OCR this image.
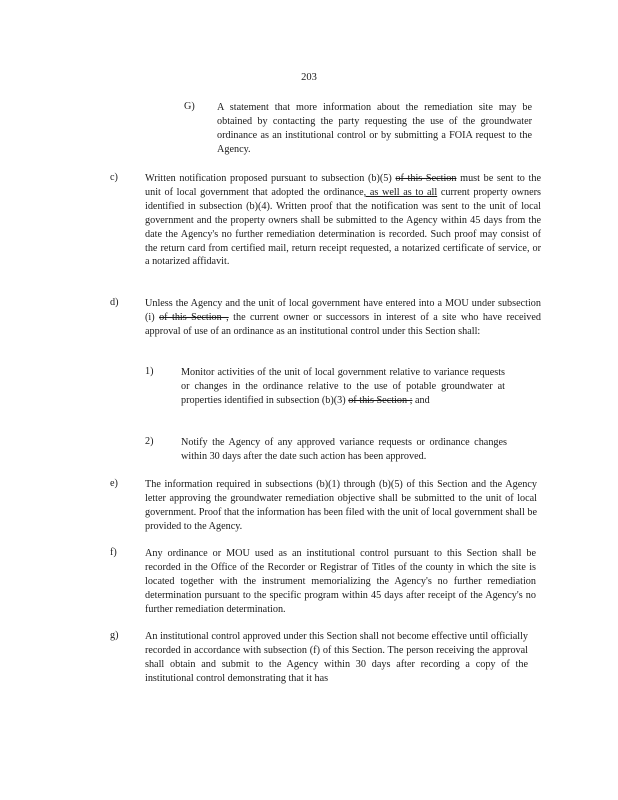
203
G) A statement that more information about the remediation site may be obtained by contacting the party requesting the use of the groundwater ordinance as an institutional control or by submitting a FOIA request to the Agency.
c)	Written notification proposed pursuant to subsection (b)(5) of this Section must be sent to the unit of local government that adopted the ordinance, as well as to all current property owners identified in subsection (b)(4). Written proof that the notification was sent to the unit of local government and the property owners shall be submitted to the Agency within 45 days from the date the Agency's no further remediation determination is recorded. Such proof may consist of the return card from certified mail, return receipt requested, a notarized certificate of service, or a notarized affidavit.
d)	Unless the Agency and the unit of local government have entered into a MOU under subsection (i) of this Section , the current owner or successors in interest of a site who have received approval of use of an ordinance as an institutional control under this Section shall:
1)	Monitor activities of the unit of local government relative to variance requests or changes in the ordinance relative to the use of potable groundwater at properties identified in subsection (b)(3) of this Section ; and
2)	Notify the Agency of any approved variance requests or ordinance changes within 30 days after the date such action has been approved.
e)	The information required in subsections (b)(1) through (b)(5) of this Section and the Agency letter approving the groundwater remediation objective shall be submitted to the unit of local government. Proof that the information has been filed with the unit of local government shall be provided to the Agency.
f)	Any ordinance or MOU used as an institutional control pursuant to this Section shall be recorded in the Office of the Recorder or Registrar of Titles of the county in which the site is located together with the instrument memorializing the Agency's no further remediation determination pursuant to the specific program within 45 days after receipt of the Agency's no further remediation determination.
g)	An institutional control approved under this Section shall not become effective until officially recorded in accordance with subsection (f) of this Section. The person receiving the approval shall obtain and submit to the Agency within 30 days after recording a copy of the institutional control demonstrating that it has
